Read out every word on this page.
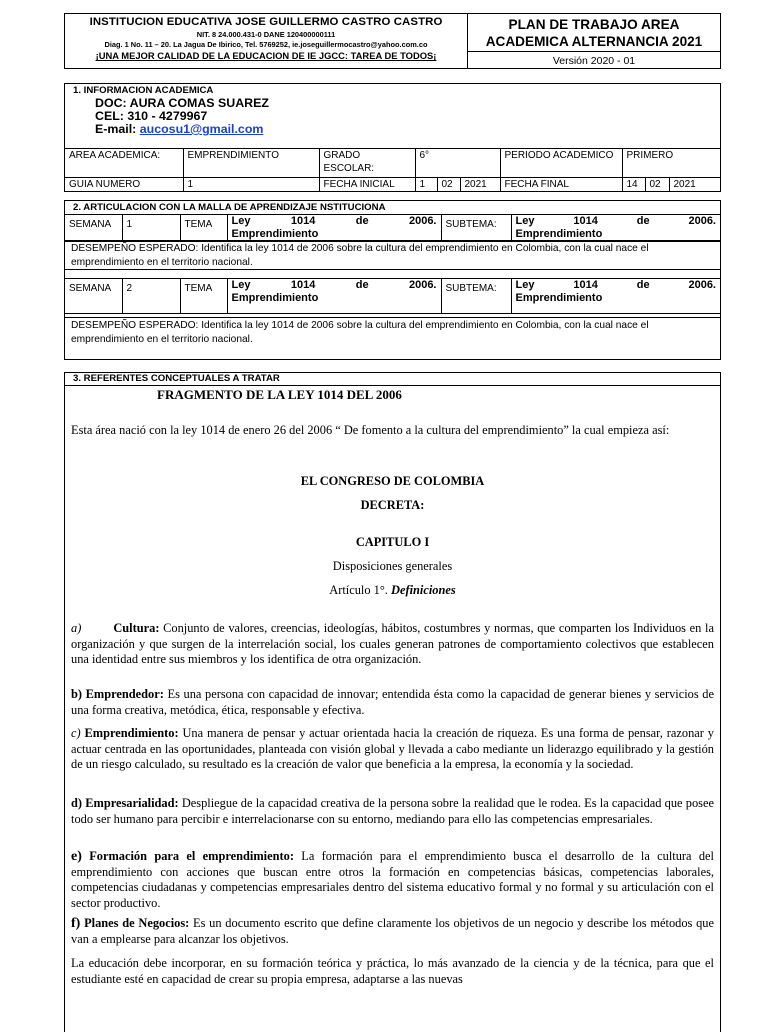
INSTITUCION EDUCATIVA JOSE GUILLERMO CASTRO CASTRO
NIT. 8 24.000.431-0 DANE 120400000111
Diag. 1 No. 11 – 20. La Jagua De Ibirico, Tel. 5769252, ie.joseguillermocastro@yahoo.com.co
¡UNA MEJOR CALIDAD DE LA EDUCACION DE IE JGCC: TAREA DE TODOS¡
PLAN DE TRABAJO AREA
ACADEMICA ALTERNANCIA 2021
Versión 2020 - 01
1. INFORMACION ACADEMICA
DOC: AURA COMAS SUAREZ
CEL: 310 - 4279967
E-mail: aucosu1@gmail.com
AREA ACADEMICA:	EMPRENDIMIENTO	GRADO ESCOLAR:	6°			PERIODO ACADEMICO	PRIMERO		
GUIA NUMERO	1	FECHA INICIAL	1	02	2021	FECHA FINAL	14	02	2021
2. ARTICULACION CON LA MALLA DE APRENDIZAJE NSTITUCIONA
SEMANA	1	TEMA	Ley 1014 de 2006.
Emprendimiento
	SUBTEMA:	Ley 1014 de 2006.
Emprendimiento
DESEMPEÑO ESPERADO: Identifica la ley 1014 de 2006 sobre la cultura del emprendimiento en Colombia, con la cual nace el emprendimiento en el territorio nacional.
SEMANA	2	TEMA	Ley 1014 de 2006.
Emprendimiento
	SUBTEMA:	Ley 1014 de 2006.
Emprendimiento
DESEMPEÑO ESPERADO: Identifica la ley 1014 de 2006 sobre la cultura del emprendimiento en Colombia, con la cual nace el emprendimiento en el territorio nacional.
3. REFERENTES CONCEPTUALES A TRATAR
FRAGMENTO DE LA LEY 1014 DEL 2006
Esta área nació con la ley 1014 de enero 26 del 2006 “ De fomento a la cultura del emprendimiento” la cual empieza así:
EL CONGRESO DE COLOMBIA
DECRETA:
CAPITULO I
Disposiciones generales
Artículo 1°. Definiciones
a)	Cultura: Conjunto de valores, creencias, ideologías, hábitos, costumbres y normas, que comparten los Individuos en la organización y que surgen de la interrelación social, los cuales generan patrones de comportamiento colectivos que establecen una identidad entre sus miembros y los identifica de otra organización.
b) Emprendedor: Es una persona con capacidad de innovar; entendida ésta como la capacidad de generar bienes y servicios de una forma creativa, metódica, ética, responsable y efectiva.
c) Emprendimiento: Una manera de pensar y actuar orientada hacia la creación de riqueza. Es una forma de pensar, razonar y actuar centrada en las oportunidades, planteada con visión global y llevada a cabo mediante un liderazgo equilibrado y la gestión de un riesgo calculado, su resultado es la creación de valor que beneficia a la empresa, la economía y la sociedad.
d) Empresarialidad: Despliegue de la capacidad creativa de la persona sobre la realidad que le rodea. Es la capacidad que posee todo ser humano para percibir e interrelacionarse con su entorno, mediando para ello las competencias empresariales.
e) Formación para el emprendimiento: La formación para el emprendimiento busca el desarrollo de la cultura del emprendimiento con acciones que buscan entre otros la formación en competencias básicas, competencias laborales, competencias ciudadanas y competencias empresariales dentro del sistema educativo formal y no formal y su articulación con el sector productivo.
f) Planes de Negocios: Es un documento escrito que define claramente los objetivos de un negocio y describe los métodos que van a emplearse para alcanzar los objetivos.
La educación debe incorporar, en su formación teórica y práctica, lo más avanzado de la ciencia y de la técnica, para que el estudiante esté en capacidad de crear su propia empresa, adaptarse a las nuevas
